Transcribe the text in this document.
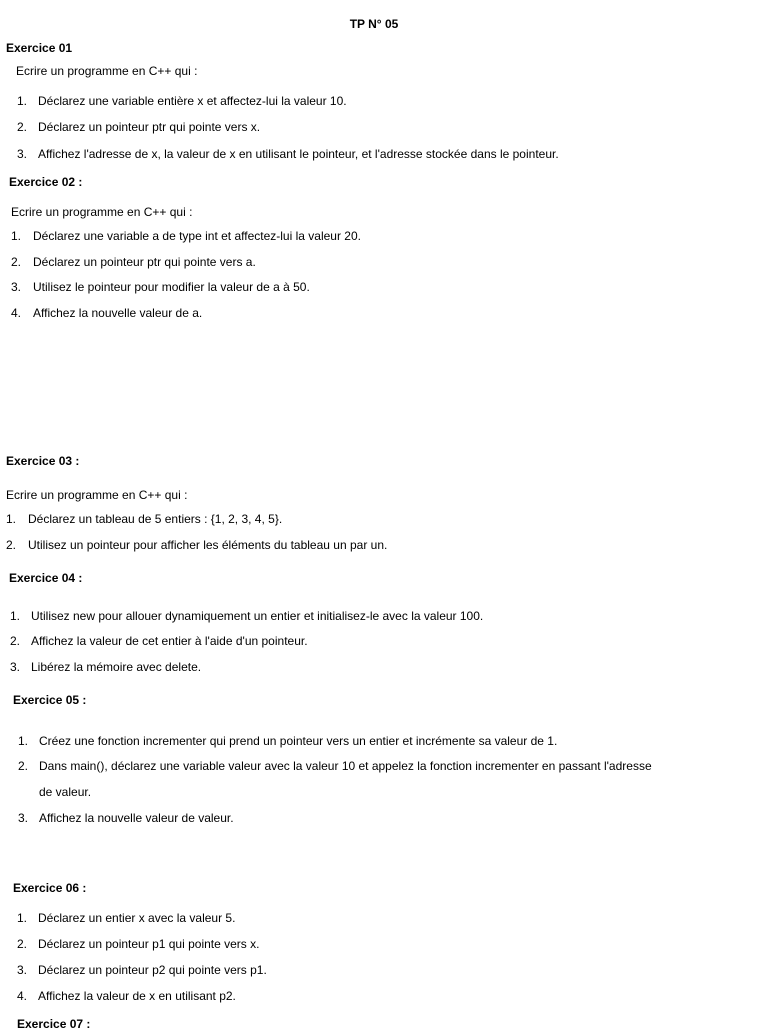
TP N° 05
Exercice 01
Ecrire un programme en C++ qui :
1. Déclarez une variable entière x et affectez-lui la valeur 10.
2. Déclarez un pointeur ptr qui pointe vers x.
3. Affichez l'adresse de x, la valeur de x en utilisant le pointeur, et l'adresse stockée dans le pointeur.
Exercice 02 :
Ecrire un programme en C++ qui :
1. Déclarez une variable a de type int et affectez-lui la valeur 20.
2. Déclarez un pointeur ptr qui pointe vers a.
3. Utilisez le pointeur pour modifier la valeur de a à 50.
4. Affichez la nouvelle valeur de a.
Exercice 03 :
Ecrire un programme en C++ qui :
1. Déclarez un tableau de 5 entiers : {1, 2, 3, 4, 5}.
2. Utilisez un pointeur pour afficher les éléments du tableau un par un.
Exercice 04 :
1. Utilisez new pour allouer dynamiquement un entier et initialisez-le avec la valeur 100.
2. Affichez la valeur de cet entier à l'aide d'un pointeur.
3. Libérez la mémoire avec delete.
Exercice 05 :
1. Créez une fonction incrementer qui prend un pointeur vers un entier et incrémente sa valeur de 1.
2. Dans main(), déclarez une variable valeur avec la valeur 10 et appelez la fonction incrementer en passant l'adresse
de valeur.
3. Affichez la nouvelle valeur de valeur.
Exercice 06 :
1. Déclarez un entier x avec la valeur 5.
2. Déclarez un pointeur p1 qui pointe vers x.
3. Déclarez un pointeur p2 qui pointe vers p1.
4. Affichez la valeur de x en utilisant p2.
Exercice 07 :
